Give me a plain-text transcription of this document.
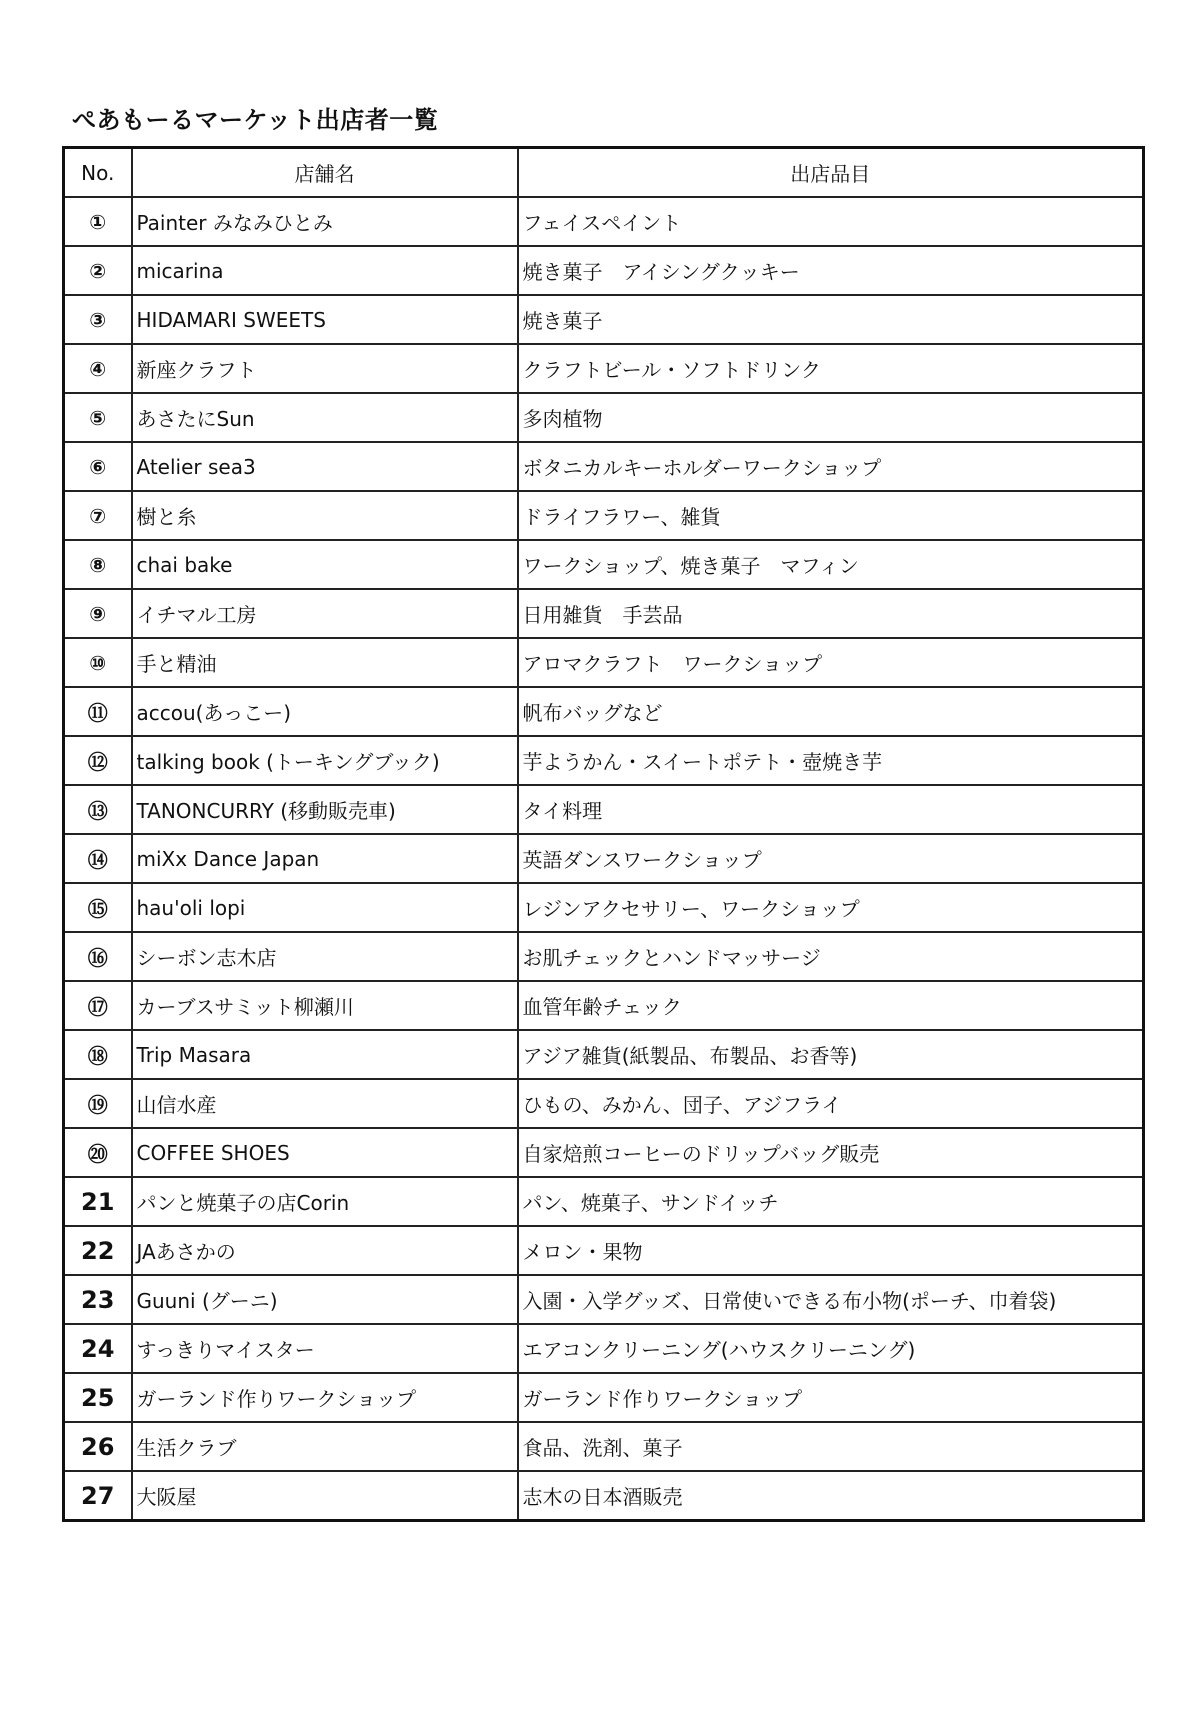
ぺあもーるマーケット出店者一覧
No.	店舗名	出店品目
①	Painter みなみひとみ	フェイスペイント
②	micarina	焼き菓子　アイシングクッキー
③	HIDAMARI SWEETS	焼き菓子
④	新座クラフト	クラフトビール・ソフトドリンク
⑤	あさたにSun	多肉植物
⑥	Atelier sea3	ボタニカルキーホルダーワークショップ
⑦	樹と糸	ドライフラワー、雑貨
⑧	chai bake	ワークショップ、焼き菓子　マフィン
⑨	イチマル工房	日用雑貨　手芸品
⑩	手と精油	アロマクラフト　ワークショップ
⑪	accou(あっこー)	帆布バッグなど
⑫	talking book (トーキングブック)	芋ようかん・スイートポテト・壺焼き芋
⑬	TANONCURRY (移動販売車)	タイ料理
⑭	miXx Dance Japan	英語ダンスワークショップ
⑮	hau'oli lopi	レジンアクセサリー、ワークショップ
⑯	シーボン志木店	お肌チェックとハンドマッサージ
⑰	カーブスサミット柳瀬川	血管年齢チェック
⑱	Trip Masara	アジア雑貨(紙製品、布製品、お香等)
⑲	山信水産	ひもの、みかん、団子、アジフライ
⑳	COFFEE SHOES	自家焙煎コーヒーのドリップバッグ販売
21	パンと焼菓子の店Corin	パン、焼菓子、サンドイッチ
22	JAあさかの	メロン・果物
23	Guuni (グーニ)	入園・入学グッズ、日常使いできる布小物(ポーチ、巾着袋)
24	すっきりマイスター	エアコンクリーニング(ハウスクリーニング)
25	ガーランド作りワークショップ	ガーランド作りワークショップ
26	生活クラブ	食品、洗剤、菓子
27	大阪屋	志木の日本酒販売
